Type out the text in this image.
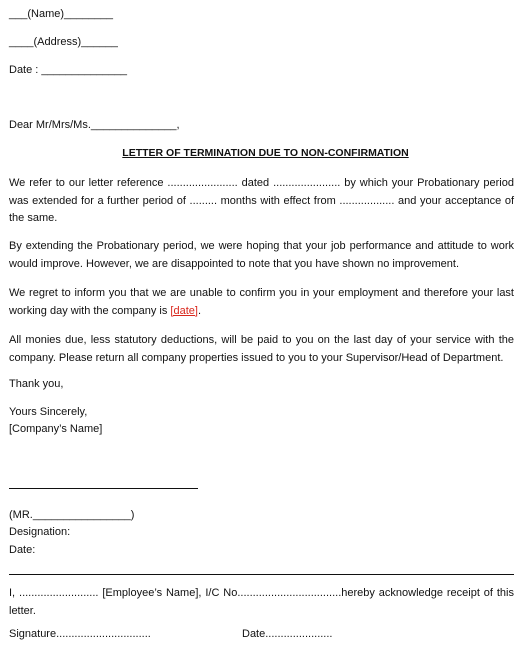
___(Name)________
____(Address)______
Date : ______________
Dear Mr/Mrs/Ms.______________,
LETTER OF TERMINATION DUE TO NON-CONFIRMATION
We refer to our letter reference ....................... dated ...................... by which your Probationary period was extended for a further period of ......... months with effect from .................. and your acceptance of the same.
By extending the Probationary period, we were hoping that your job performance and attitude to work would improve. However, we are disappointed to note that you have shown no improvement.
We regret to inform you that we are unable to confirm you in your employment and therefore your last working day with the company is [date].
All monies due, less statutory deductions, will be paid to you on the last day of your service with the company. Please return all company properties issued to you to your Supervisor/Head of Department.
Thank you,
Yours Sincerely,
[Company’s Name]
(MR.________________)
Designation:
Date:
I, .......................... [Employee’s Name], I/C No..................................hereby acknowledge receipt of this letter.
Signature...............................	Date......................
